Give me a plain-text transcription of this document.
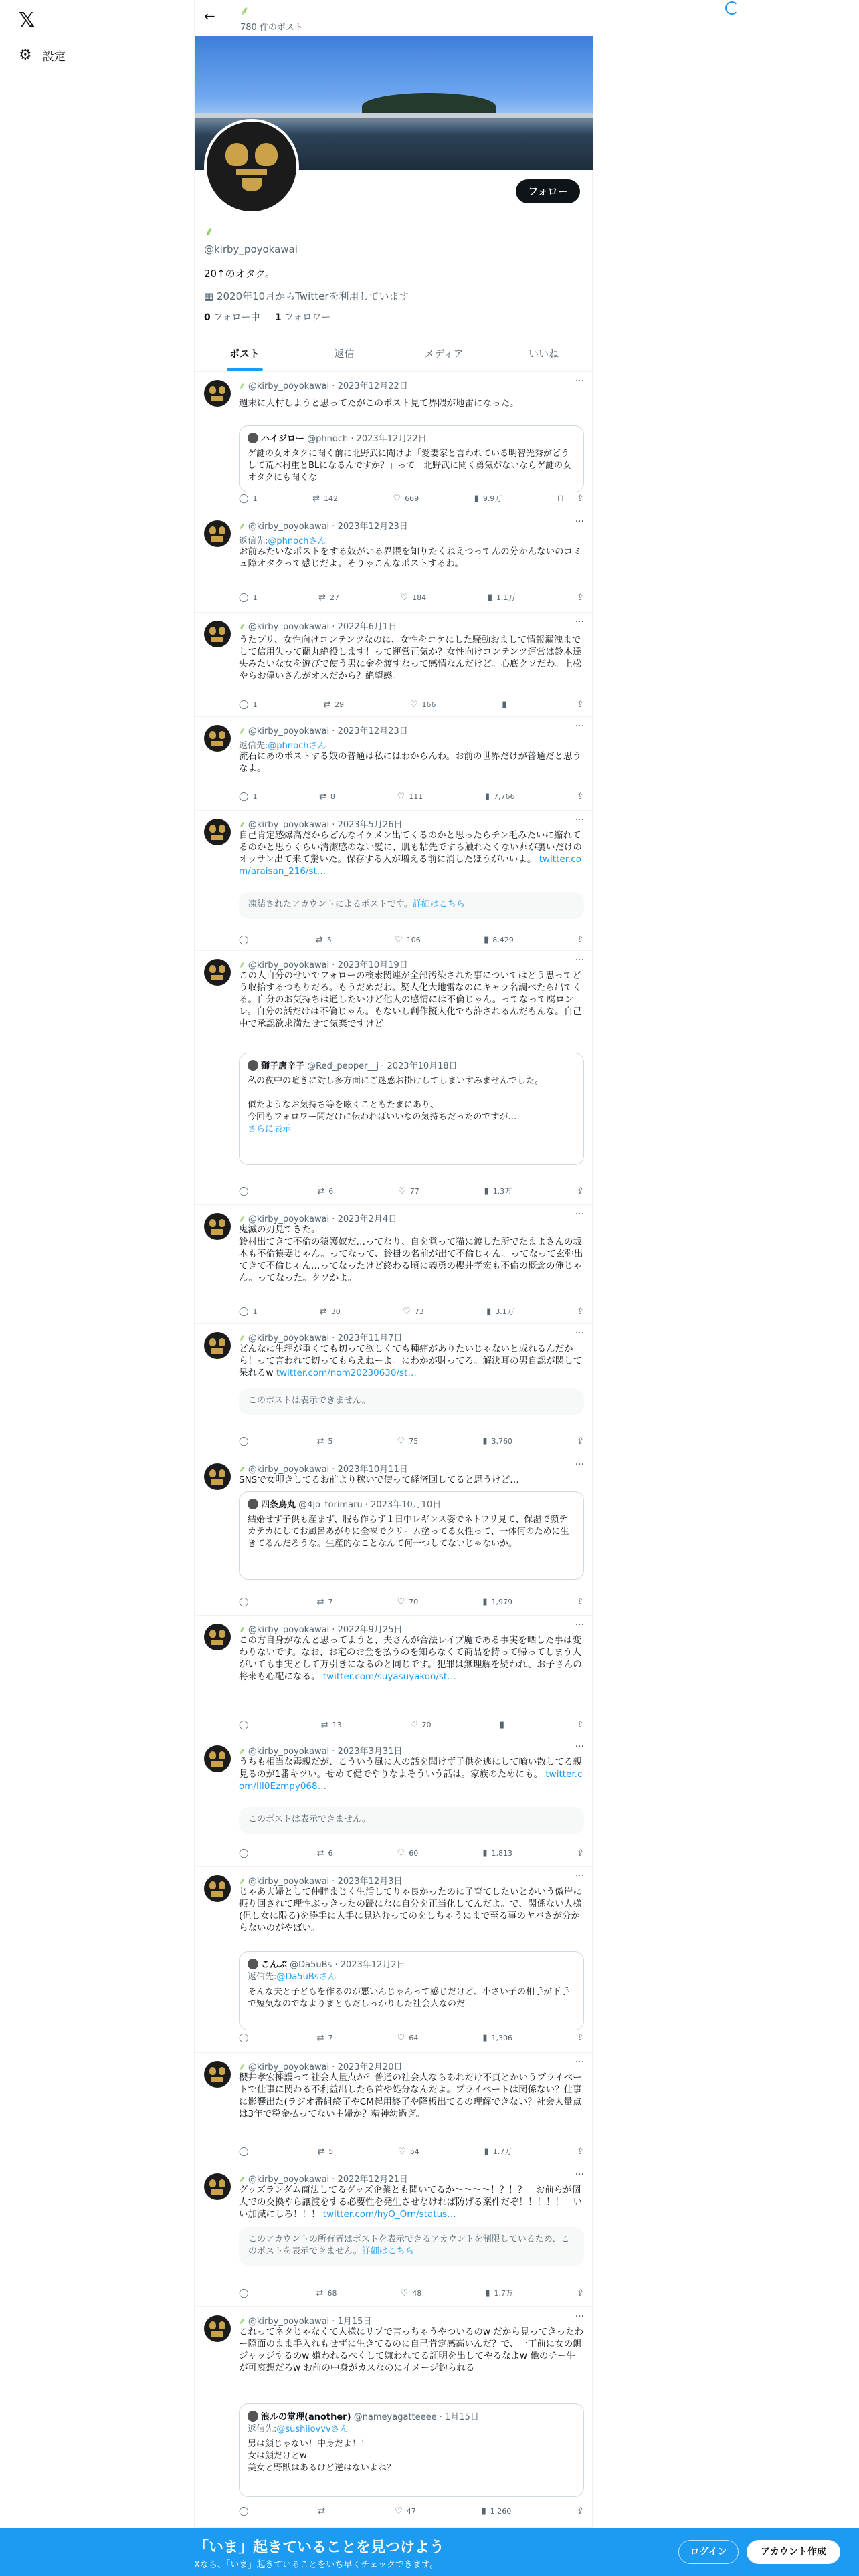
𝕏
⚙ 設定
← ⸙
780 件のポスト
フォロー
⸙
@kirby_poyokawai
20↑のオタク。
▦ 2020年10月からTwitterを利用しています
0 フォロー中 1 フォロワー
ポスト	返信	メディア	いいね
⸙ @kirby_poyokawai · 2023年12月22日	···
週末に人村しようと思ってたがこのポスト見て界隈が地雷になった。
ハイジロー @phnoch · 2023年12月22日
ゲ謎の女オタクに聞く前に北野武に聞けよ「愛妻家と言われている明智光秀がどうして荒木村重とBLになるんですか？」って　北野武に聞く勇気がないならゲ謎の女オタクにも聞くな
◯ 1	⇄ 142	♡ 669	▮ 9.9万	⊓
⇪
⸙ @kirby_poyokawai · 2023年12月23日	···
返信先:@phnochさん
お前みたいなポストをする奴がいる界隈を知りたくねえつってんの分かんないのコミュ障オタクって感じだよ。そりゃこんなポストするわ。
◯ 1	⇄ 27	♡ 184	▮ 1.1万	⇪
⸙ @kirby_poyokawai · 2022年6月1日	···
うたプリ、女性向けコンテンツなのに、女性をコケにした騒動おまして情報漏洩までして信用失って蘭丸絶役します！って運営正気か？女性向けコンテンツ運営は鈴木達央みたいな女を遊びで使う男に金を渡すなって感情なんだけど。心底クソだわ。上松やらお偉いさんがオスだから？絶望感。
◯ 1	⇄ 29	♡ 166	▮	⇪
⸙ @kirby_poyokawai · 2023年12月23日	···
返信先:@phnochさん
流石にあのポストする奴の普通は私にはわからんわ。お前の世界だけが普通だと思うなよ。
◯ 1	⇄ 8	♡ 111	▮ 7,766	⇪
⸙ @kirby_poyokawai · 2023年5月26日	···
自己肯定感爆高だからどんなイケメン出てくるのかと思ったらチン毛みたいに縮れてるのかと思うくらい清潔感のない髪に、肌も粘先ですら触れたくない卵が裏いだけのオッサン出て来て驚いた。保存する人が増える前に消したほうがいいよ。 twitter.com/araisan_216/st…
凍結されたアカウントによるポストです。詳細はこちら
◯	⇄ 5	♡ 106	▮ 8,429	⇪
⸙ @kirby_poyokawai · 2023年10月19日	···
この人自分のせいでフォローの検索関連が全部汚染された事についてはどう思ってどう収拾するつもりだろ。もうだめだわ。疑人化大地雷なのにキャラ名調べたら出てくる。自分のお気持ちは通したいけど他人の感情には不倫じゃん。ってなって腐ロンレ。自分の話だけは不倫じゃん。もないし創作擬人化でも許されるんだもんな。自己中で承認欲求満たせて気楽ですけど
獅子唐辛子 @Red_pepper__j · 2023年10月18日
私の夜中の喧きに対し多方面にご迷惑お掛けしてしまいすみませんでした。

似たようなお気持ち等を呟くこともたまにあり、
今回もフォロワー間だけに伝わればいいなの気持ちだったのですが…
さらに表示
◯	⇄ 6	♡ 77	▮ 1.3万	⇪
⸙ @kirby_poyokawai · 2023年2月4日	···
鬼滅の刃見てきた。
鈴村出てきて不倫の猿護奴だ…ってなり、自を覚って猫に渡した所でたまよさんの坂本も不倫猿妻じゃん。ってなって、鈴掛の名前が出て不倫じゃん。ってなって玄弥出てきて不倫じゃん…ってなったけど終わる頃に義勇の櫻井孝宏も不倫の概念の俺じゃん。ってなった。クソかよ。
◯ 1	⇄ 30	♡ 73	▮ 3.1万	⇪
⸙ @kirby_poyokawai · 2023年11月7日	···
どんなに生理が重くても切って欲しくても種痛がありたいじゃないと成れるんだから！って言われて切ってもらえねーよ。にわかが財ってろ。解決耳の男自認が関して呆れるw twitter.com/nom20230630/st…
このポストは表示できません。
◯	⇄ 5	♡ 75	▮ 3,760	⇪
⸙ @kirby_poyokawai · 2023年10月11日	···
SNSで女叩きしてるお前より稼いで使って経済回してると思うけど…
四条鳥丸 @4jo_torimaru · 2023年10月10日
結婚せず子供も産まず、服も作らず１日中レギンス姿でネトフリ見て、保湿で顔テカテカにしてお風呂あがりに全裸でクリーム塗ってる女性って、一体何のために生きてるんだろうな。生産的なことなんて何一つしてないじゃないか。
◯	⇄ 7	♡ 70	▮ 1,979	⇪
⸙ @kirby_poyokawai · 2022年9月25日	···
この方自身がなんと思ってようと、夫さんが合法レイプ魔である事実を晒した事は変わりないです。なお、お宅のお金を払うのを知らなくて商品を持って帰ってしまう人がいても事実として万引きになるのと同じです。犯罪は無理解を疑われ、お子さんの将来も心配になる。 twitter.com/suyasuyakoo/st…
◯	⇄ 13	♡ 70	▮	⇪
⸙ @kirby_poyokawai · 2023年3月31日	···
うちも相当な毒親だが、こういう風に人の話を聞けず子供を逃にして喰い散してる親見るのが1番キツい。せめて健でやりなよそういう話は。家族のためにも。 twitter.com/III0Ezmpy068…
このポストは表示できません。
◯	⇄ 6	♡ 60	▮ 1,813	⇪
⸙ @kirby_poyokawai · 2023年12月3日	···
じゃあ夫婦として仲睦まじく生活してりゃ良かったのに子育てしたいとかいう傲岸に振り回されて理性ぶっきったの歸になに自分を正当化してんだよ。で、関係ない人様(但し女に限る)を勝手に人手に見込むってのをしちゃうにまで至る事のヤバさが分からないのがやばい。
こんぶ @Da5uBs · 2023年12月2日
返信先:@Da5uBsさん
そんな夫と子どもを作るのが悪いんじゃんって感じだけど、小さい子の相手が下手で短気なのでなよりまともだしっかりした社会人なのだ
◯	⇄ 7	♡ 64	▮ 1,306	⇪
⸙ @kirby_poyokawai · 2023年2月20日	···
櫻井孝宏擁護って社会人量点か？普通の社会人ならあれだけ不貞とかいうプライベートで仕事に関わる不利益出したら首や処分なんだよ。プライベートは関係ない？仕事に影響出た(ラジオ番組終了やCM起用終了や降板出てるの理解できない？社会人量点は3年で税金払ってない主婦か？精神幼過ぎ。
◯	⇄ 5	♡ 54	▮ 1.7万	⇪
⸙ @kirby_poyokawai · 2022年12月21日	···
グッズランダム商法してるグッズ企業とも聞いてるか～～～～！？！？　お前らが個人での交換やら譲渡をする必要性を発生させなければ防げる案件だぞ！！！！！　いい加減にしろ！！！ twitter.com/hyO_Orn/status…
このアカウントの所有者はポストを表示できるアカウントを制限しているため、このポストを表示できません。詳細はこちら
◯	⇄ 68	♡ 48	▮ 1.7万	⇪
⸙ @kirby_poyokawai · 1月15日	···
これってネタじゃなくて人様にリプで言っちゃうやついるのw だから見ってきったわー際面のまま手入れもせずに生きてるのに自己肯定感高いんだ？で、一丁前に女の餌ジャッジするのw 嫌われるべくして嫌われてる証明を出してやるなよw 他のチー牛が可哀想だろw お前の中身がカスなのにイメージ釣られる
浪ルの堂理(another) @nameyagatteeee · 1月15日
返信先:@sushiiovvvさん
男は顔じゃない！中身だよ！！
女は顔だけどw
美女と野獣はあるけど逆はないよね？
◯	⇄	♡ 47	▮ 1,260	⇪
「いま」起きていることを見つけよう
Xなら、「いま」起きていることをいち早くチェックできます。
ログイン	アカウント作成
